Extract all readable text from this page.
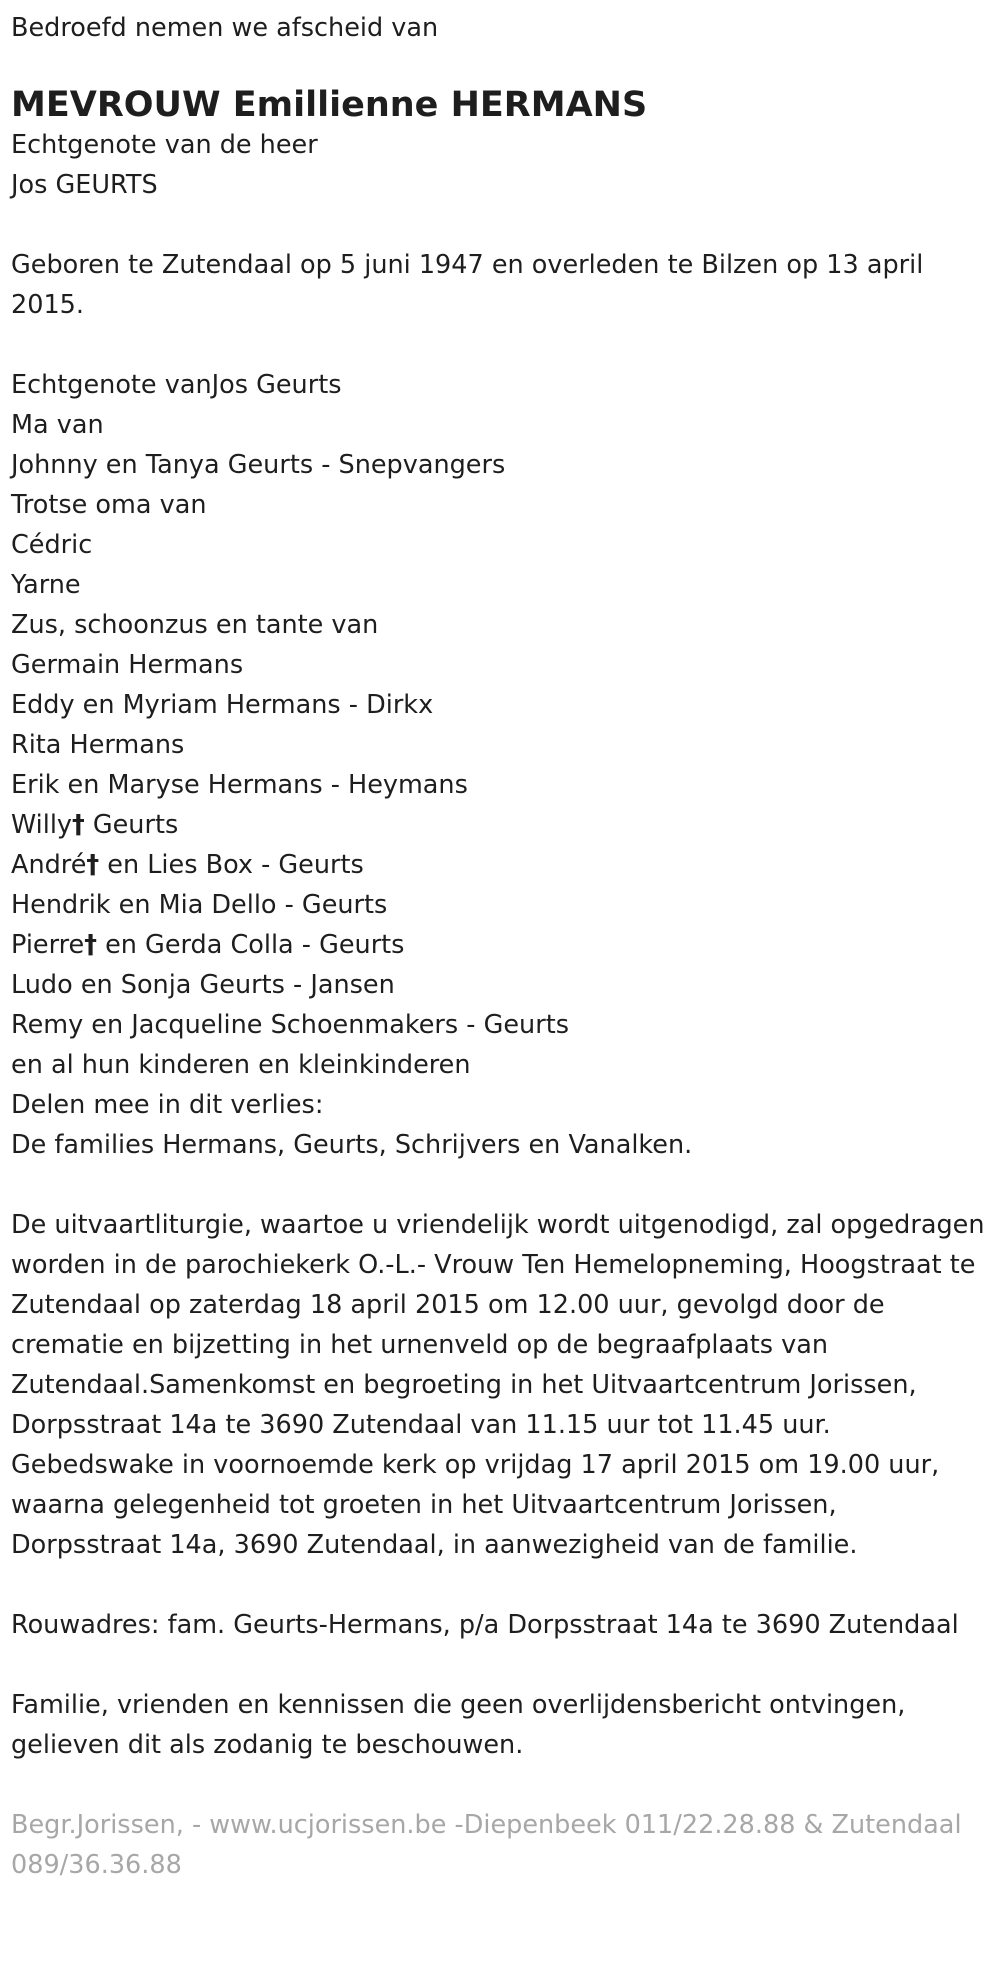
Bedroefd nemen we afscheid van
MEVROUW Emillienne HERMANS
Echtgenote van de heer
Jos GEURTS
Geboren te Zutendaal op 5 juni 1947 en overleden te Bilzen op 13 april 2015.
Echtgenote vanJos Geurts
Ma van
Johnny en Tanya Geurts - Snepvangers
Trotse oma van
Cédric
Yarne
Zus, schoonzus en tante van
Germain Hermans
Eddy en Myriam Hermans - Dirkx
Rita Hermans
Erik en Maryse Hermans - Heymans
Willy† Geurts
André† en Lies Box - Geurts
Hendrik en Mia Dello - Geurts
Pierre† en Gerda Colla - Geurts
Ludo en Sonja Geurts - Jansen
Remy en Jacqueline Schoenmakers - Geurts
en al hun kinderen en kleinkinderen
Delen mee in dit verlies:
De families Hermans, Geurts, Schrijvers en Vanalken.
De uitvaartliturgie, waartoe u vriendelijk wordt uitgenodigd, zal opgedragen worden in de parochiekerk O.-L.- Vrouw Ten Hemelopneming, Hoogstraat te Zutendaal op zaterdag 18 april 2015 om 12.00 uur, gevolgd door de crematie en bijzetting in het urnenveld op de begraafplaats van Zutendaal.Samenkomst en begroeting in het Uitvaartcentrum Jorissen, Dorpsstraat 14a te 3690 Zutendaal van 11.15 uur tot 11.45 uur.
Gebedswake in voornoemde kerk op vrijdag 17 april 2015 om 19.00 uur, waarna gelegenheid tot groeten in het Uitvaartcentrum Jorissen, Dorpsstraat 14a, 3690 Zutendaal, in aanwezigheid van de familie.
Rouwadres: fam. Geurts-Hermans, p/a Dorpsstraat 14a te 3690 Zutendaal
Familie, vrienden en kennissen die geen overlijdensbericht ontvingen, gelieven dit als zodanig te beschouwen.
Begr.Jorissen, - www.ucjorissen.be -Diepenbeek 011/22.28.88 & Zutendaal 089/36.36.88
